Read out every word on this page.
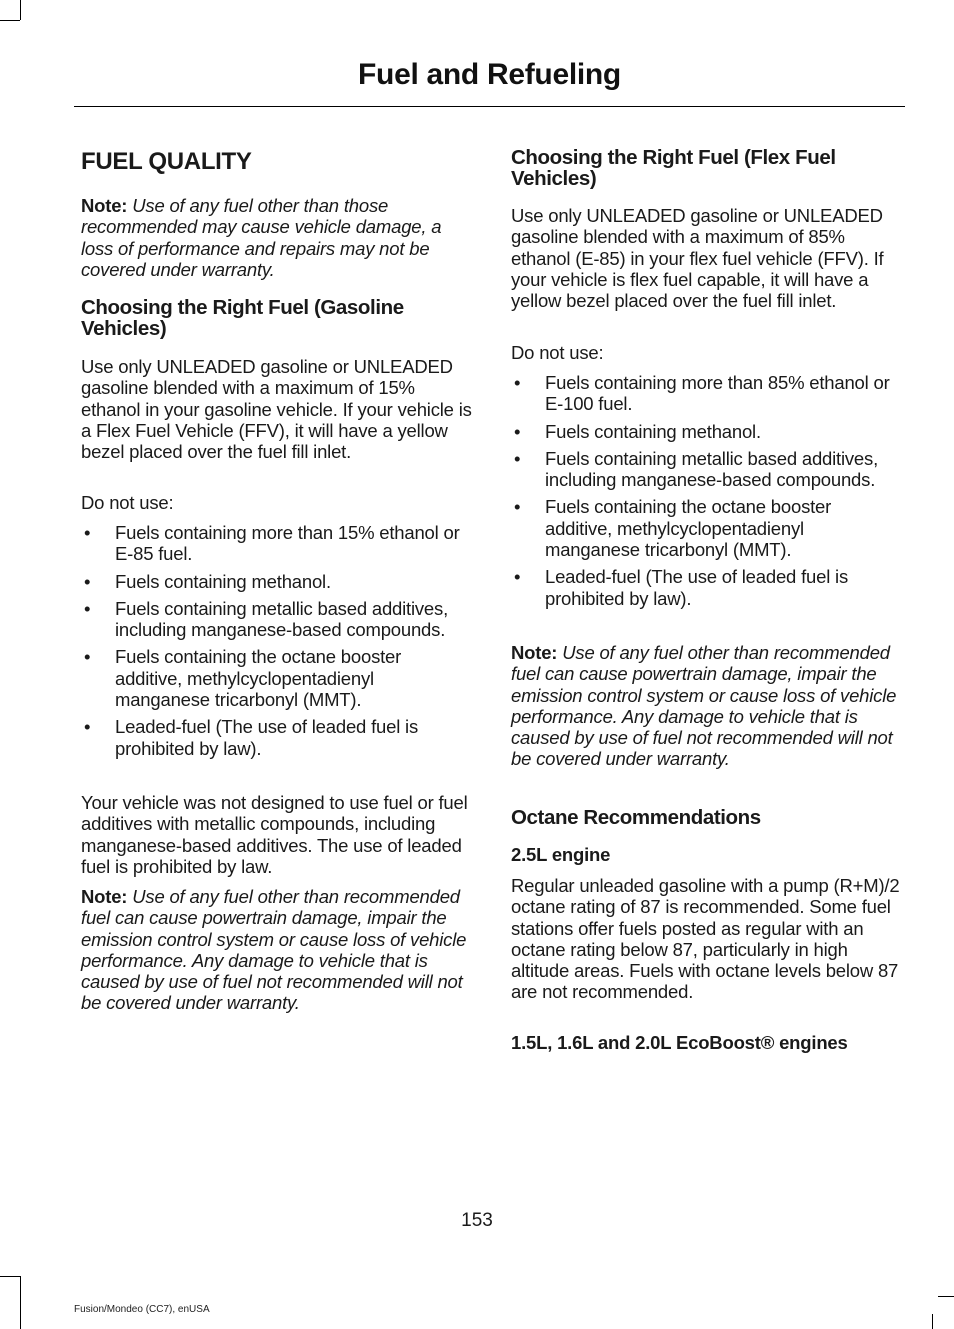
Fuel and Refueling
FUEL QUALITY

Note: Use of any fuel other than those recommended may cause vehicle damage, a loss of performance and repairs may not be covered under warranty.

Choosing the Right Fuel (Gasoline
Vehicles)

Use only UNLEADED gasoline or UNLEADED gasoline blended with a maximum of 15% ethanol in your gasoline vehicle. If your vehicle is a Flex Fuel Vehicle (FFV), it will have a yellow bezel placed over the fuel fill inlet.

Do not use:

• Fuels containing more than 15% ethanol or E-85 fuel.
• Fuels containing methanol.
• Fuels containing metallic based additives, including manganese-based compounds.
• Fuels containing the octane booster additive, methylcyclopentadienyl manganese tricarbonyl (MMT).
• Leaded-fuel (The use of leaded fuel is prohibited by law).

Your vehicle was not designed to use fuel or fuel additives with metallic compounds, including manganese-based additives. The use of leaded fuel is prohibited by law.

Note: Use of any fuel other than recommended fuel can cause powertrain damage, impair the emission control system or cause loss of vehicle performance. Any damage to vehicle that is caused by use of fuel not recommended will not be covered under warranty.

Choosing the Right Fuel (Flex Fuel
Vehicles)

Use only UNLEADED gasoline or UNLEADED gasoline blended with a maximum of 85% ethanol (E-85) in your flex fuel vehicle (FFV). If your vehicle is flex fuel capable, it will have a yellow bezel placed over the fuel fill inlet.

Do not use:

• Fuels containing more than 85% ethanol or E-100 fuel.
• Fuels containing methanol.
• Fuels containing metallic based additives, including manganese-based compounds.
• Fuels containing the octane booster additive, methylcyclopentadienyl manganese tricarbonyl (MMT).
• Leaded-fuel (The use of leaded fuel is prohibited by law).

Note: Use of any fuel other than recommended fuel can cause powertrain damage, impair the emission control system or cause loss of vehicle performance. Any damage to vehicle that is caused by use of fuel not recommended will not be covered under warranty.

Octane Recommendations
2.5L engine

Regular unleaded gasoline with a pump (R+M)/2 octane rating of 87 is recommended. Some fuel stations offer fuels posted as regular with an octane rating below 87, particularly in high altitude areas. Fuels with octane levels below 87 are not recommended.

1.5L, 1.6L and 2.0L EcoBoost® engines
153
Fusion/Mondeo (CC7), enUSA
